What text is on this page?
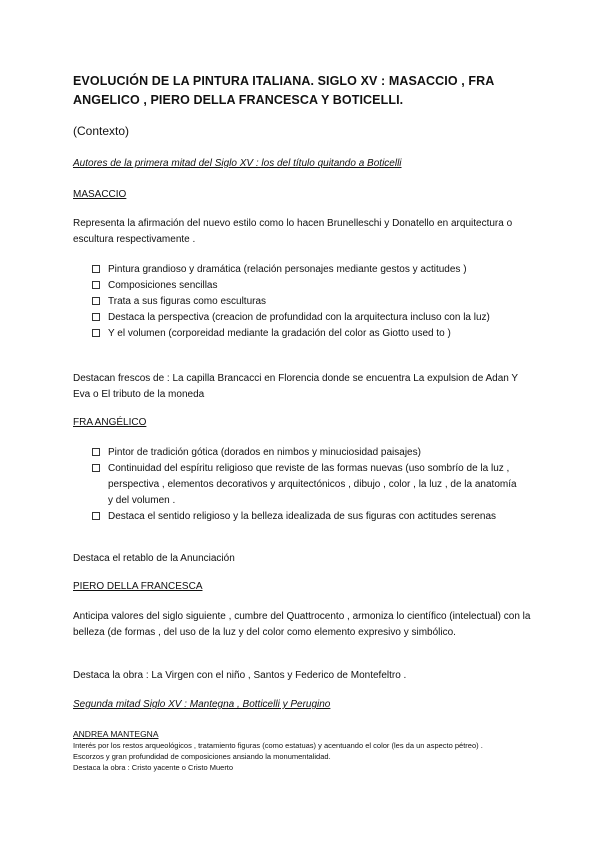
EVOLUCIÓN DE LA PINTURA ITALIANA. SIGLO XV : MASACCIO , FRA ANGELICO , PIERO DELLA FRANCESCA Y BOTICELLI.
(Contexto)
Autores de la primera mitad del Siglo XV : los del título quitando a Boticelli
MASACCIO
Representa la afirmación del nuevo estilo como lo hacen Brunelleschi y Donatello en arquitectura o escultura respectivamente .
Pintura grandioso y dramática (relación personajes mediante gestos y actitudes )
Composiciones sencillas
Trata a sus figuras como esculturas
Destaca la perspectiva (creacion de profundidad con la arquitectura incluso con la luz)
Y el volumen (corporeidad mediante la gradación del color as Giotto used to )
Destacan frescos de : La capilla Brancacci en Florencia donde se encuentra La expulsion de Adan Y Eva o El tributo de la moneda
FRA ANGÉLICO
Pintor de tradición gótica (dorados en nimbos y minuciosidad paisajes)
Continuidad del espíritu religioso que reviste de las formas nuevas (uso sombrío de la luz , perspectiva , elementos decorativos y arquitectónicos , dibujo , color , la luz , de la anatomía y del volumen .
Destaca el sentido religioso y la belleza idealizada de sus figuras con actitudes serenas
Destaca el retablo de la Anunciación
PIERO DELLA FRANCESCA
Anticipa valores del siglo siguiente , cumbre del Quattrocento , armoniza lo científico (intelectual) con la belleza (de formas , del uso de la luz y del color como elemento expresivo y simbólico.
Destaca la obra : La Virgen con el niño , Santos y Federico de Montefeltro .
Segunda mitad Siglo XV : Mantegna , Botticelli y Perugino
ANDREA MANTEGNA
Interés por los restos arqueológicos , tratamiento figuras (como estatuas) y acentuando el color (les da un aspecto pétreo) . Escorzos y gran profundidad de composiciones ansiando la monumentalidad.
Destaca la obra : Cristo yacente o Cristo Muerto
